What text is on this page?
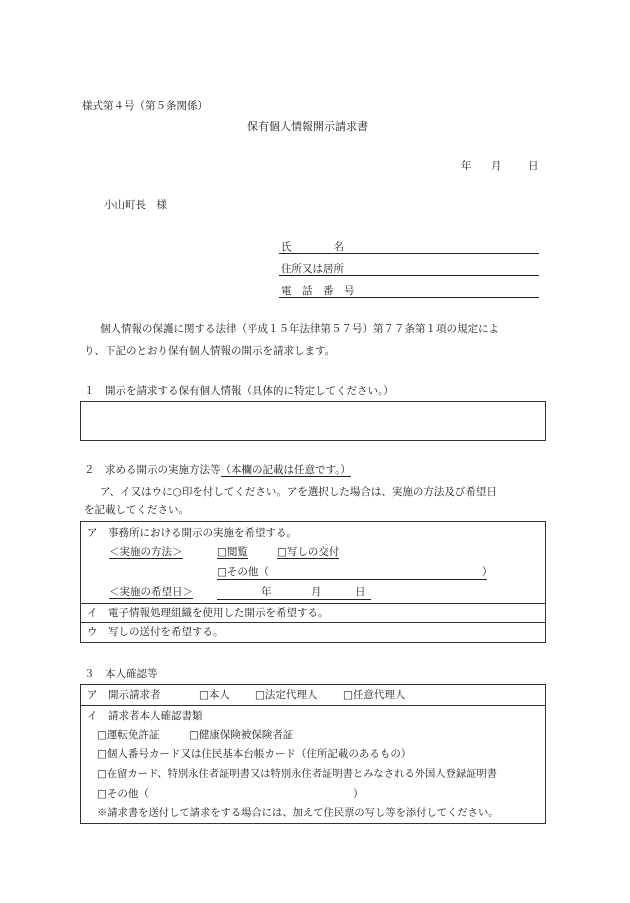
様式第４号（第５条関係）
保有個人情報開示請求書
年 月	日
小山町長　様
氏　　　　名
住所又は居所
電　話　番　号
個人情報の保護に関する法律（平成１５年法律第５７号）第７７条第１項の規定によ
り、下記のとおり保有個人情報の開示を請求します。
１　開示を請求する保有個人情報（具体的に特定してください。）
２　求める開示の実施方法等（本欄の記載は任意です。）
ア、イ又はウに○印を付してください。アを選択した場合は、実施の方法及び希望日
を記載してください。
ア　事務所における開示の実施を希望する。
＜実施の方法＞	□閲覧	□写しの交付
□その他（	）
＜実施の希望日＞	年	月	日
イ　電子情報処理組織を使用した開示を希望する。
ウ　写しの送付を希望する。
３　本人確認等
ア　開示請求者	□本人 □法定代理人 □任意代理人
イ　請求者本人確認書類
□運転免許証	□健康保険被保険者証
□個人番号カード又は住民基本台帳カード（住所記載のあるもの）
□在留カード、特別永住者証明書又は特別永住者証明書とみなされる外国人登録証明書
□その他（	）
※請求書を送付して請求をする場合には、加えて住民票の写し等を添付してください。
